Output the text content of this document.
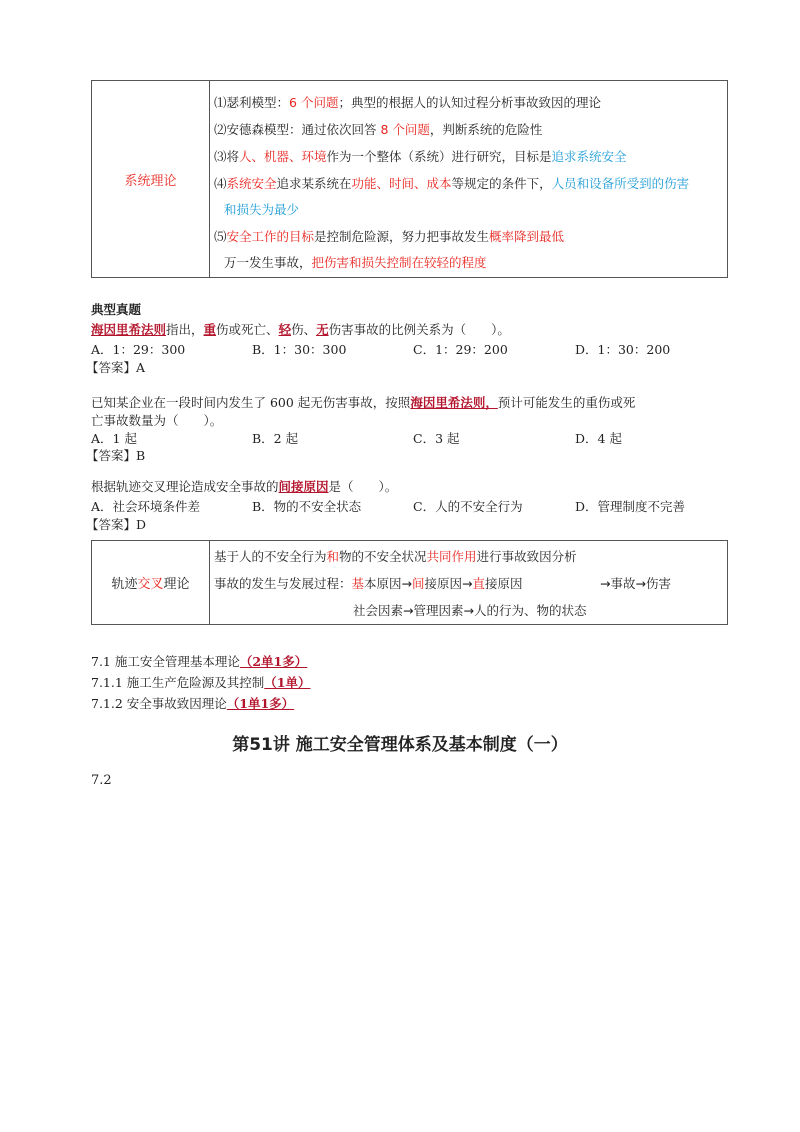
系统理论	
⑴瑟利模型：6 个问题；典型的根据人的认知过程分析事故致因的理论
⑵安德森模型：通过依次回答 8 个问题，判断系统的危险性
⑶将人、机器、环境作为一个整体（系统）进行研究，目标是追求系统安全
⑷系统安全追求某系统在功能、时间、成本等规定的条件下，人员和设备所受到的伤害
和损失为最少
⑸安全工作的目标是控制危险源，努力把事故发生概率降到最低
万一发生事故，把伤害和损失控制在较轻的程度
典型真题
海因里希法则指出，重伤或死亡、轻伤、无伤害事故的比例关系为（　　）。
A．1：29：300	B．1：30：300	C．1：29：200	D．1：30：200
【答案】A
已知某企业在一段时间内发生了 600 起无伤害事故，按照海因里希法则，预计可能发生的重伤或死
亡事故数量为（　　）。
A．1 起	B．2 起	C．3 起	D．4 起
【答案】B
根据轨迹交叉理论造成安全事故的间接原因是（　　）。
A．社会环境条件差	B．物的不安全状态	C．人的不安全行为	D．管理制度不完善
【答案】D
轨迹交叉理论	
基于人的不安全行为和物的不安全状况共同作用进行事故致因分析
事故的发生与发展过程：基本原因→间接原因→直接原因	→事故→伤害
社会因素→管理因素→人的行为、物的状态
7.1 施工安全管理基本理论（2单1多）
7.1.1 施工生产危险源及其控制（1单）
7.1.2 安全事故致因理论（1单1多）
第51讲 施工安全管理体系及基本制度（一）
7.2
